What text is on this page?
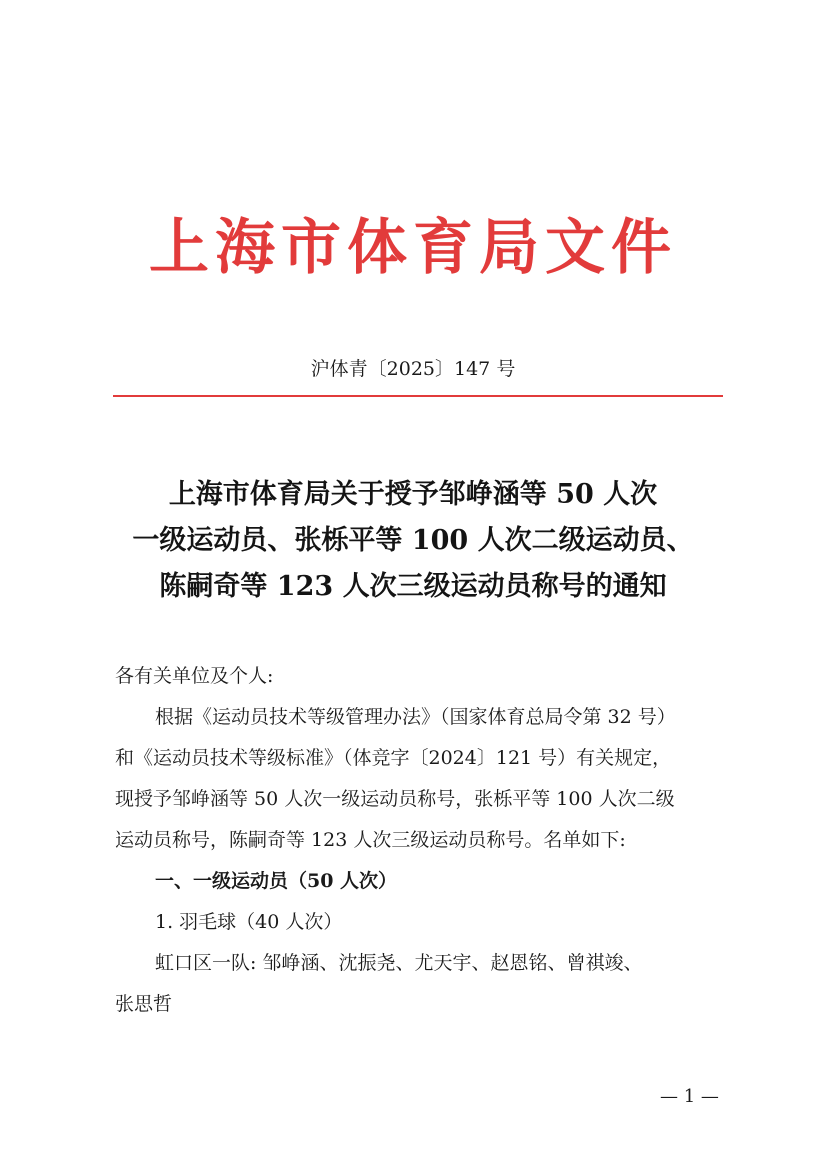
上海市体育局文件
沪体青〔2025〕147 号
上海市体育局关于授予邹峥涵等 50 人次
一级运动员、张栎平等 100 人次二级运动员、
陈嗣奇等 123 人次三级运动员称号的通知

各有关单位及个人:

根据《运动员技术等级管理办法》（国家体育总局令第 32 号）

和《运动员技术等级标准》（体竞字〔2024〕121 号）有关规定，

现授予邹峥涵等 50 人次一级运动员称号，张栎平等 100 人次二级

运动员称号，陈嗣奇等 123 人次三级运动员称号。名单如下:

一、一级运动员（50 人次）

1. 羽毛球（40 人次）

虹口区一队: 邹峥涵、沈振尧、尤天宇、赵恩铭、曾祺竣、

张思哲

— 1 —
